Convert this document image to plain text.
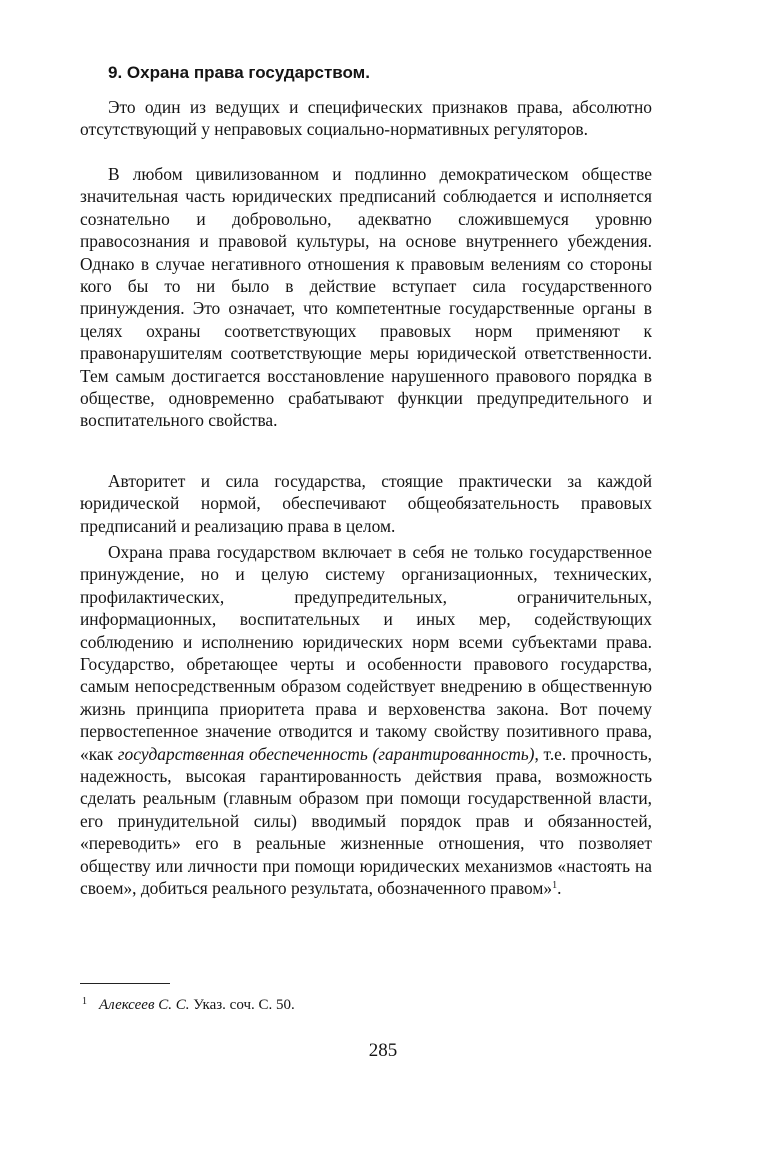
9. Охрана права государством.

Это один из ведущих и специфических признаков права, абсолютно отсутствующий у неправовых социально-нормативных регуляторов.

В любом цивилизованном и подлинно демократическом обществе значительная часть юридических предписаний соблюдается и исполняется сознательно и добровольно, адекватно сложившемуся уровню правосознания и правовой культуры, на основе внутреннего убеждения. Однако в случае негативного отношения к правовым велениям со стороны кого бы то ни было в действие вступает сила государственного принуждения. Это означает, что компетентные государственные органы в целях охраны соответствующих правовых норм применяют к правонарушителям соответствующие меры юридической ответственности. Тем самым достигается восстановление нарушенного правового порядка в обществе, одновременно срабатывают функции предупредительного и воспитательного свойства.

Авторитет и сила государства, стоящие практически за каждой юридической нормой, обеспечивают общеобязательность правовых предписаний и реализацию права в целом.

Охрана права государством включает в себя не только государственное принуждение, но и целую систему организационных, технических, профилактических, предупредительных, ограничительных, информационных, воспитательных и иных мер, содействующих соблюдению и исполнению юридических норм всеми субъектами права. Государство, обретающее черты и особенности правового государства, самым непосредственным образом содействует внедрению в общественную жизнь принципа приоритета права и верховенства закона. Вот почему первостепенное значение отводится и такому свойству позитивного права, «как государственная обеспеченность (гарантированность), т.е. прочность, надежность, высокая гарантированность действия права, возможность сделать реальным (главным образом при помощи государственной власти, его принудительной силы) вводимый порядок прав и обязанностей, «переводить» его в реальные жизненные отношения, что позволяет обществу или личности при помощи юридических механизмов «настоять на своем», добиться реального результата, обозначенного правом»$^1$.

$^1$ Алексеев С. С. Указ. соч. С. 50.
285
